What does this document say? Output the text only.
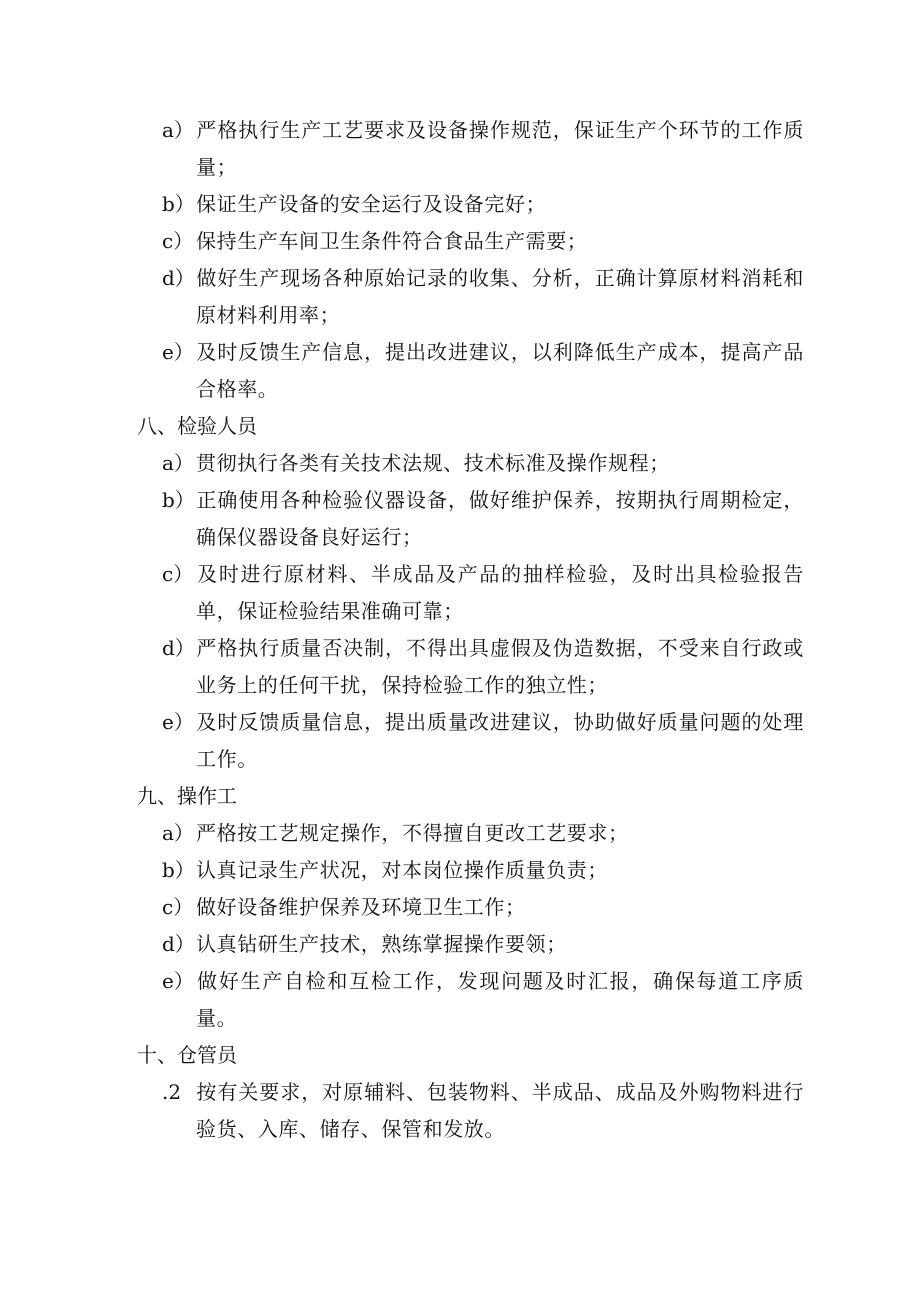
a） 严格执行生产工艺要求及设备操作规范，保证生产个环节的工作质量；
b）保证生产设备的安全运行及设备完好；
c） 保持生产车间卫生条件符合食品生产需要；
d）做好生产现场各种原始记录的收集、分析，正确计算原材料消耗和原材料利用率；
e） 及时反馈生产信息，提出改进建议，以利降低生产成本，提高产品合格率。
八、检验人员
a） 贯彻执行各类有关技术法规、技术标准及操作规程；
b）正确使用各种检验仪器设备，做好维护保养，按期执行周期检定，确保仪器设备良好运行；
c） 及时进行原材料、半成品及产品的抽样检验，及时出具检验报告单，保证检验结果准确可靠；
d）严格执行质量否决制，不得出具虚假及伪造数据，不受来自行政或业务上的任何干扰，保持检验工作的独立性；
e） 及时反馈质量信息，提出质量改进建议，协助做好质量问题的处理工作。
九、操作工
a） 严格按工艺规定操作，不得擅自更改工艺要求；
b）认真记录生产状况，对本岗位操作质量负责；
c） 做好设备维护保养及环境卫生工作；
d）认真钻研生产技术，熟练掌握操作要领；
e） 做好生产自检和互检工作，发现问题及时汇报，确保每道工序质量。
十、仓管员
.2 按有关要求，对原辅料、包装物料、半成品、成品及外购物料进行验货、入库、储存、保管和发放。
